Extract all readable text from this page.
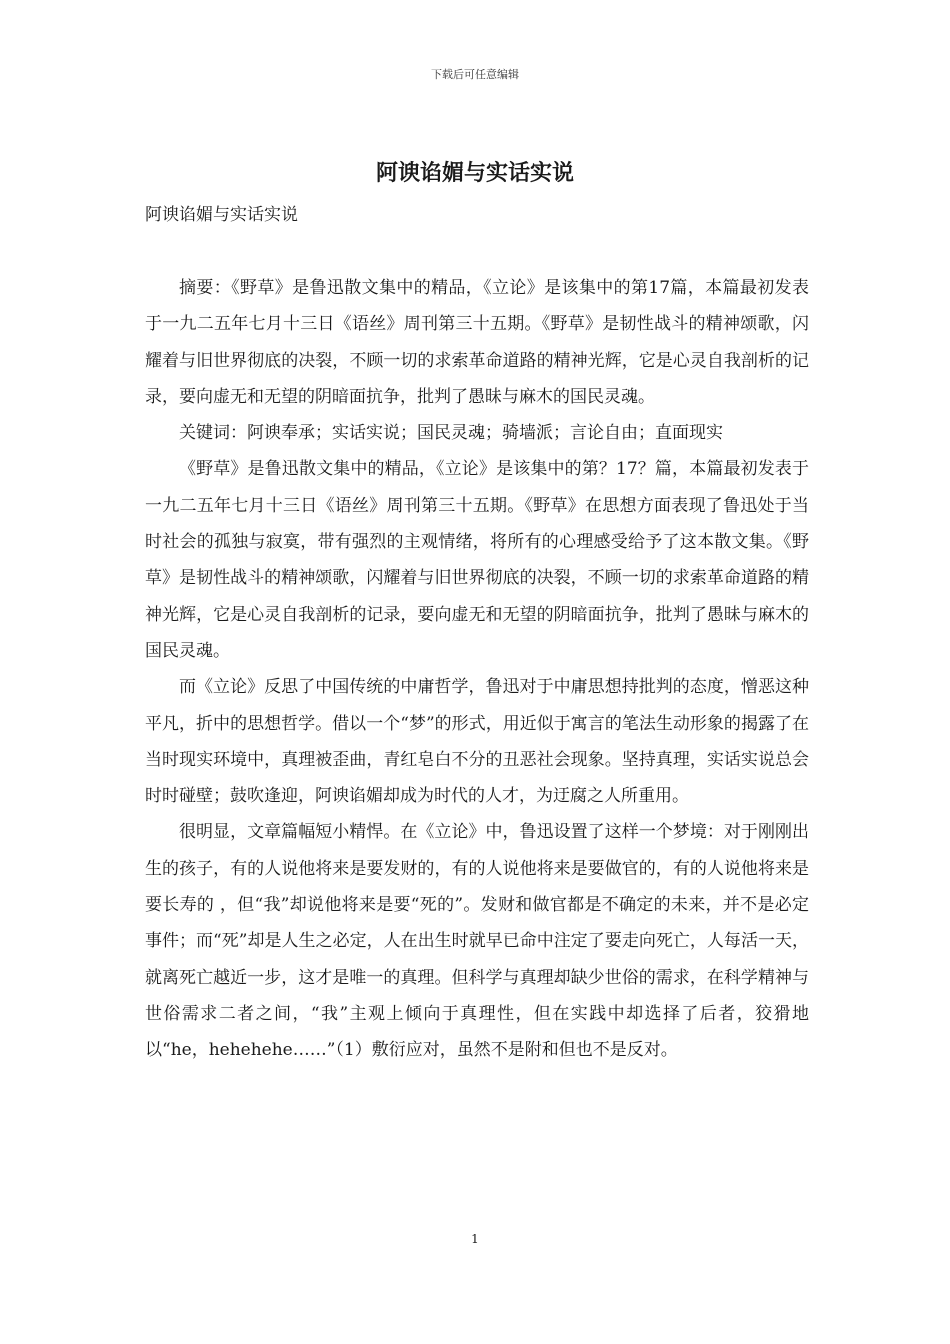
下载后可任意编辑
阿谀谄媚与实话实说
阿谀谄媚与实话实说

摘要：《野草》是鲁迅散文集中的精品，《立论》是该集中的第17篇，本篇最初发表于一九二五年七月十三日《语丝》周刊第三十五期。《野草》是韧性战斗的精神颂歌，闪耀着与旧世界彻底的决裂，不顾一切的求索革命道路的精神光辉，它是心灵自我剖析的记录，要向虚无和无望的阴暗面抗争，批判了愚昧与麻木的国民灵魂。

关键词：阿谀奉承；实话实说；国民灵魂；骑墙派；言论自由；直面现实

《野草》是鲁迅散文集中的精品，《立论》是该集中的第？17？篇，本篇最初发表于一九二五年七月十三日《语丝》周刊第三十五期。《野草》在思想方面表现了鲁迅处于当时社会的孤独与寂寞，带有强烈的主观情绪，将所有的心理感受给予了这本散文集。《野草》是韧性战斗的精神颂歌，闪耀着与旧世界彻底的决裂，不顾一切的求索革命道路的精神光辉，它是心灵自我剖析的记录，要向虚无和无望的阴暗面抗争，批判了愚昧与麻木的国民灵魂。

而《立论》反思了中国传统的中庸哲学，鲁迅对于中庸思想持批判的态度，憎恶这种平凡，折中的思想哲学。借以一个“梦”的形式，用近似于寓言的笔法生动形象的揭露了在当时现实环境中，真理被歪曲，青红皂白不分的丑恶社会现象。坚持真理，实话实说总会时时碰壁；鼓吹逢迎，阿谀谄媚却成为时代的人才，为迂腐之人所重用。

很明显，文章篇幅短小精悍。在《立论》中，鲁迅设置了这样一个梦境：对于刚刚出生的孩子，有的人说他将来是要发财的，有的人说他将来是要做官的，有的人说他将来是要长寿的 ，但“我”却说他将来是要“死的”。发财和做官都是不确定的未来，并不是必定事件；而“死”却是人生之必定，人在出生时就早已命中注定了要走向死亡，人每活一天，就离死亡越近一步，这才是唯一的真理。但科学与真理却缺少世俗的需求，在科学精神与世俗需求二者之间，“我”主观上倾向于真理性，但在实践中却选择了后者，狡猾地以“he，hehehehe……”（1）敷衍应对，虽然不是附和但也不是反对。

1
